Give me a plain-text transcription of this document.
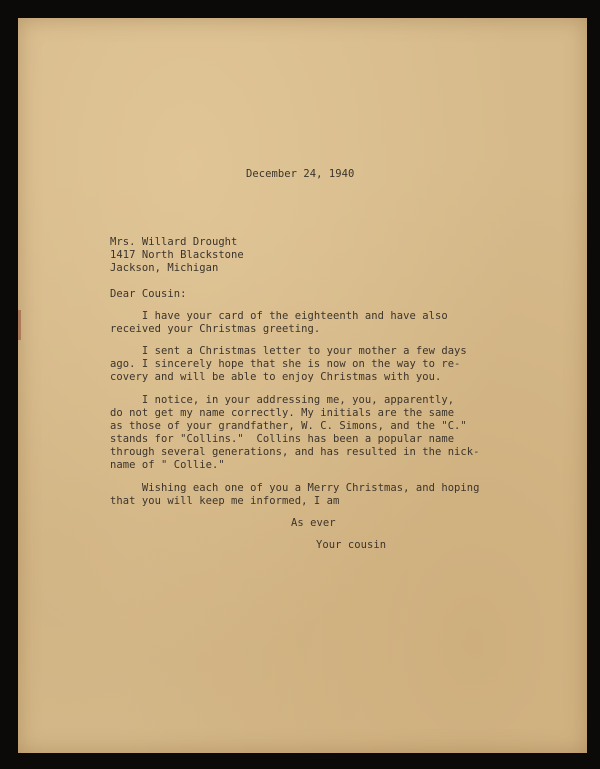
December 24, 1940

Mrs. Willard Drought

1417 North Blackstone

Jackson, Michigan

Dear Cousin:

I have your card of the eighteenth and have also

received your Christmas greeting.

I sent a Christmas letter to your mother a few days

ago. I sincerely hope that she is now on the way to re-

covery and will be able to enjoy Christmas with you.

I notice, in your addressing me, you, apparently,

do not get my name correctly. My initials are the same

as those of your grandfather, W. C. Simons, and the "C."

stands for "Collins."  Collins has been a popular name

through several generations, and has resulted in the nick-

name of " Collie."

Wishing each one of you a Merry Christmas, and hoping

that you will keep me informed, I am

As ever

Your cousin
